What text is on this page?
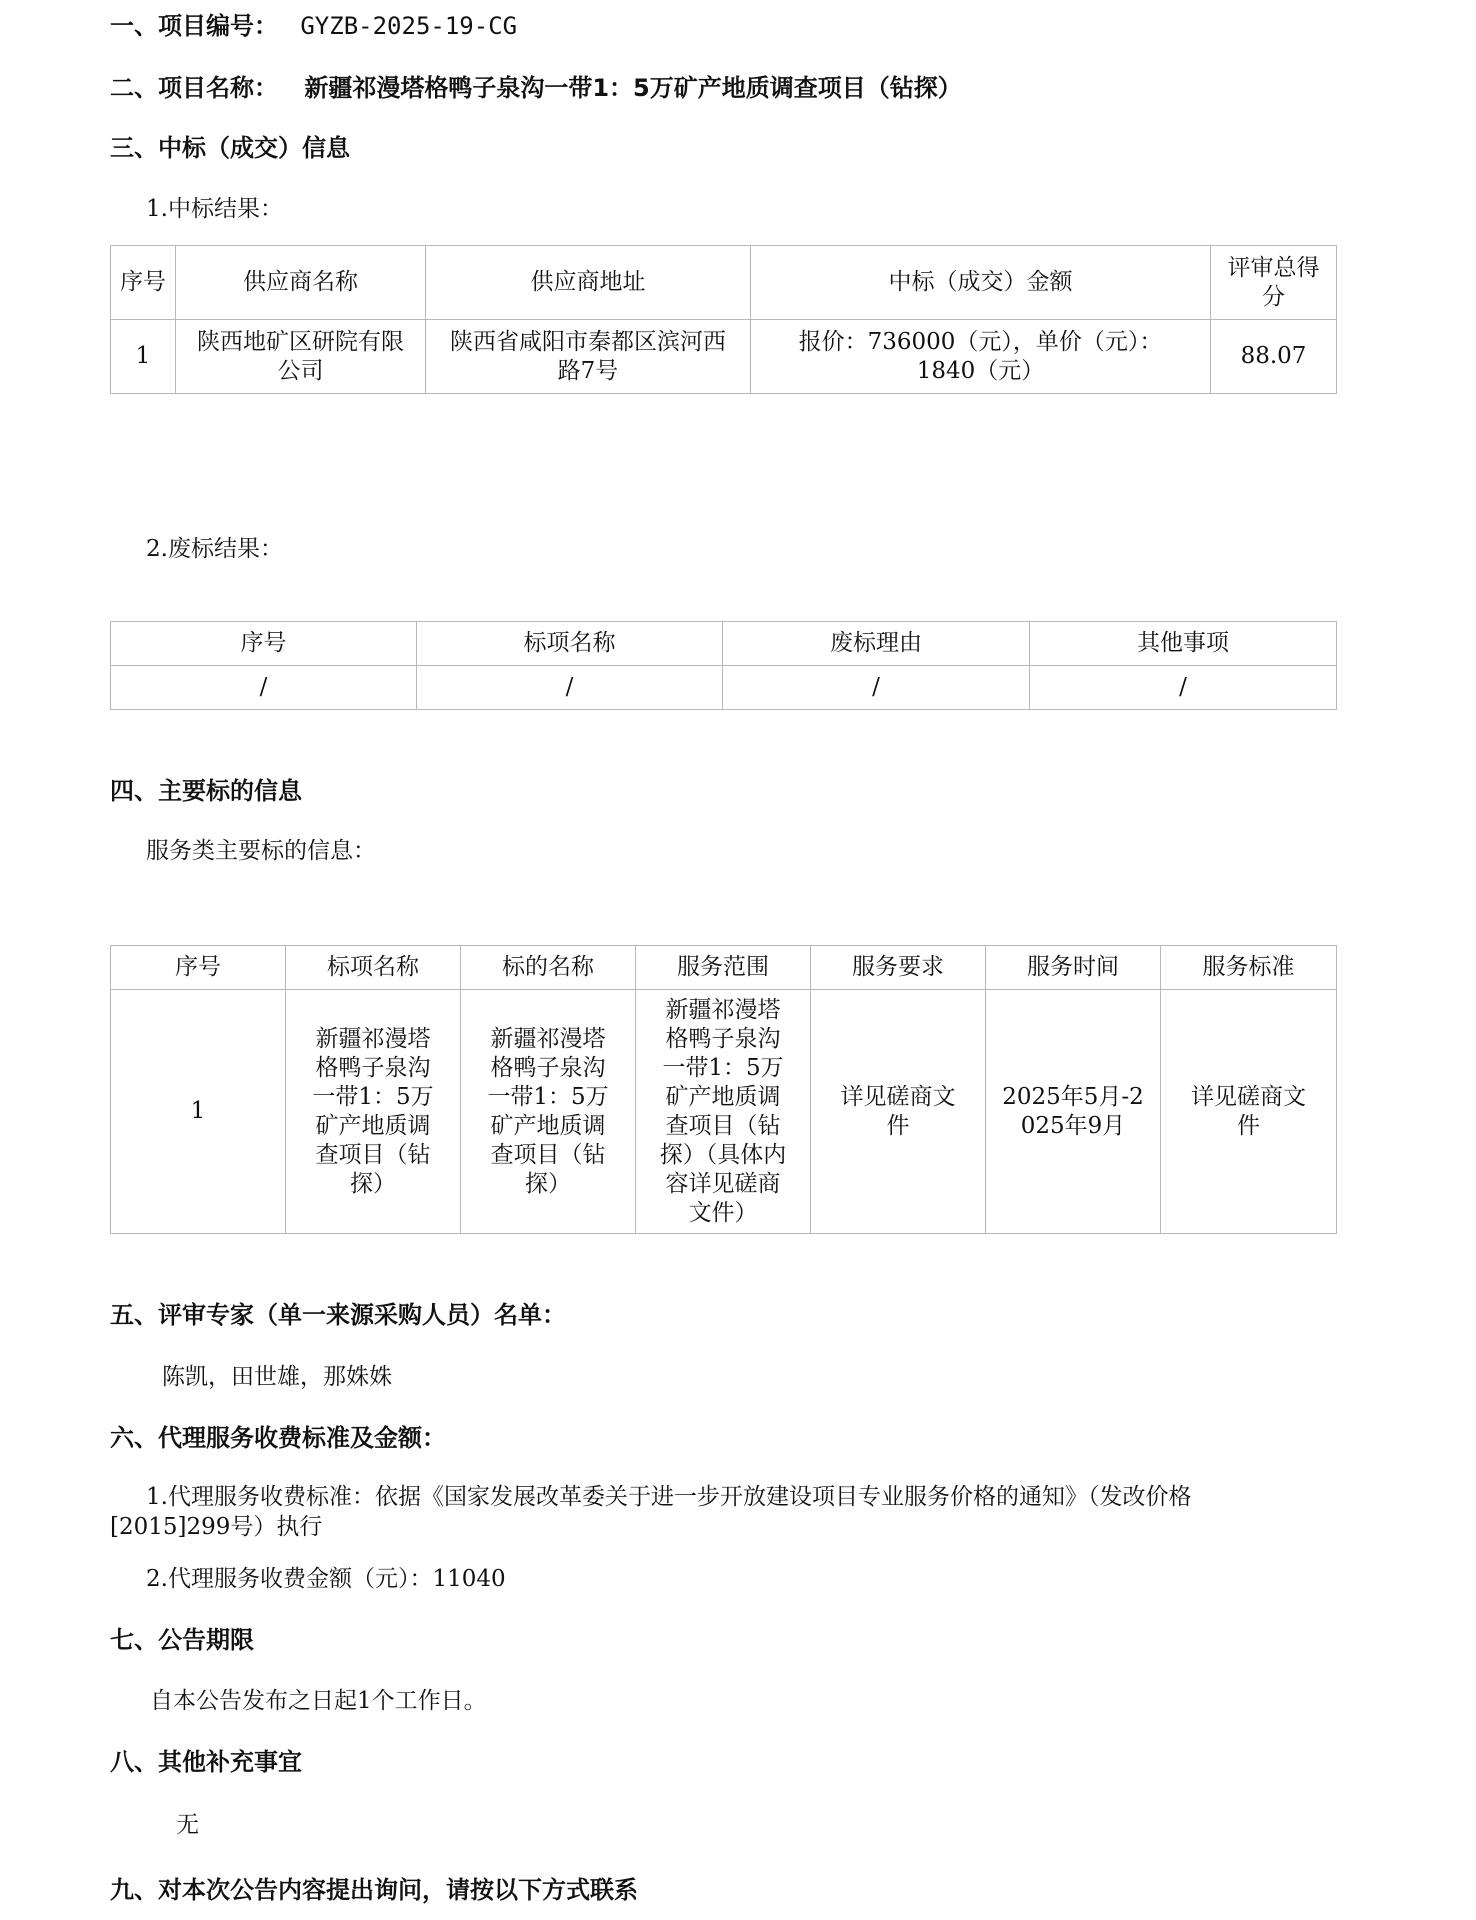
一、项目编号： GYZB-2025-19-CG
二、项目名称： 新疆祁漫塔格鸭子泉沟一带1：5万矿产地质调查项目（钻探）
三、中标（成交）信息
1.中标结果：
序号	供应商名称	供应商地址	中标（成交）金额	评审总得分
1	陕西地矿区研院有限公司	陕西省咸阳市秦都区滨河西路7号	报价：736000（元），单价（元）：1840（元）	88.07
2.废标结果：
序号	标项名称	废标理由	其他事项
/	/	/	/
四、主要标的信息
服务类主要标的信息：
序号	标项名称	标的名称	服务范围	服务要求	服务时间	服务标准
1	新疆祁漫塔格鸭子泉沟一带1：5万矿产地质调查项目（钻探）	新疆祁漫塔格鸭子泉沟一带1：5万矿产地质调查项目（钻探）	新疆祁漫塔格鸭子泉沟一带1：5万矿产地质调查项目（钻探）（具体内容详见磋商文件）	详见磋商文件	2025年5月-2025年9月	详见磋商文件
五、评审专家（单一来源采购人员）名单：
陈凯，田世雄，那姝姝
六、代理服务收费标准及金额：
1.代理服务收费标准：依据《国家发展改革委关于进一步开放建设项目专业服务价格的通知》（发改价格
[2015]299号）执行
2.代理服务收费金额（元）：11040
七、公告期限
自本公告发布之日起1个工作日。
八、其他补充事宜
无
九、对本次公告内容提出询问，请按以下方式联系
